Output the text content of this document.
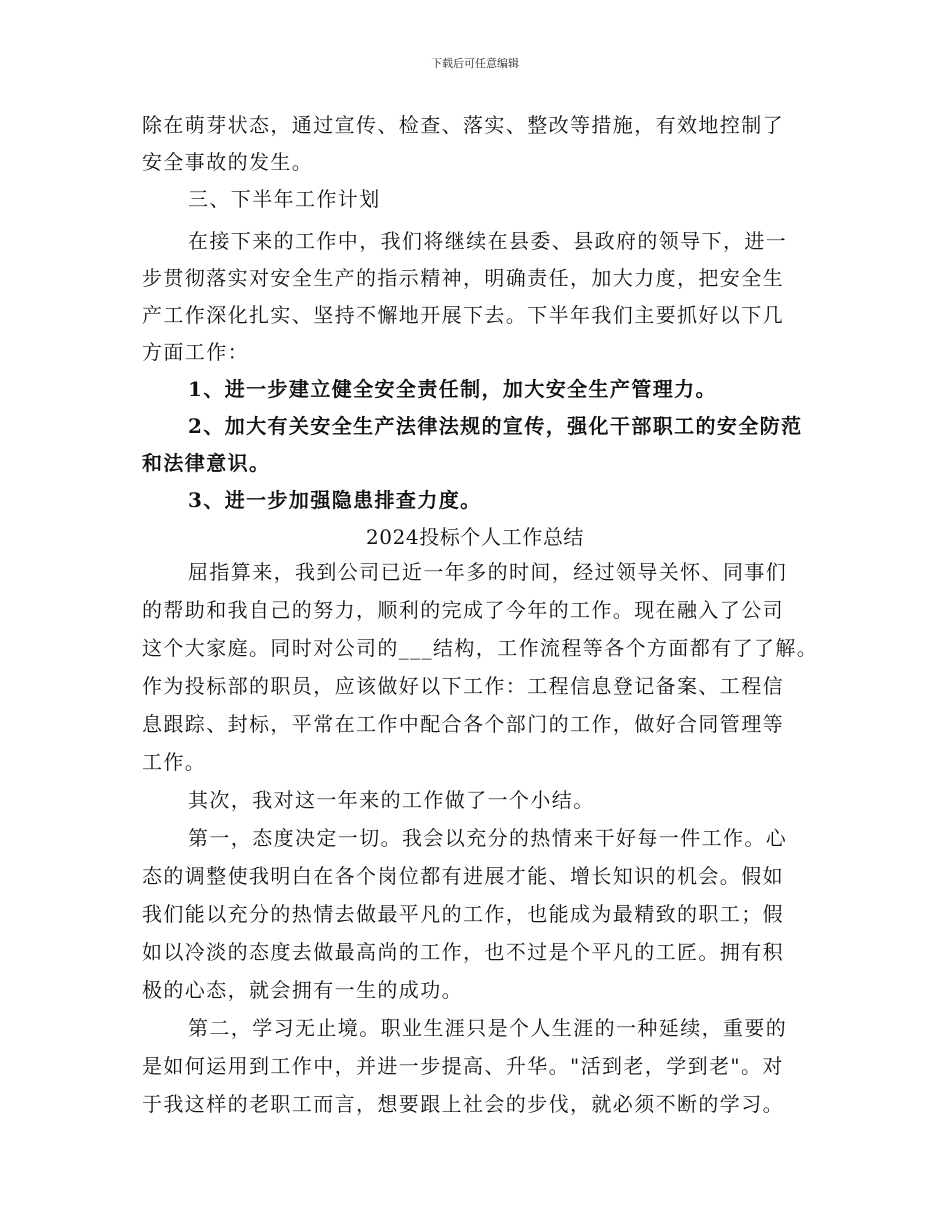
下载后可任意编辑
除在萌芽状态，通过宣传、检查、落实、整改等措施，有效地控制了
安全事故的发生。
三、下半年工作计划
在接下来的工作中，我们将继续在县委、县政府的领导下，进一
步贯彻落实对安全生产的指示精神，明确责任，加大力度，把安全生
产工作深化扎实、坚持不懈地开展下去。下半年我们主要抓好以下几
方面工作：
1、进一步建立健全安全责任制，加大安全生产管理力。
2、加大有关安全生产法律法规的宣传，强化干部职工的安全防范
和法律意识。
3、进一步加强隐患排查力度。
2024投标个人工作总结
屈指算来，我到公司已近一年多的时间，经过领导关怀、同事们
的帮助和我自己的努力，顺利的完成了今年的工作。现在融入了公司
这个大家庭。同时对公司的___结构，工作流程等各个方面都有了了解。
作为投标部的职员，应该做好以下工作：工程信息登记备案、工程信
息跟踪、封标，平常在工作中配合各个部门的工作，做好合同管理等
工作。
其次，我对这一年来的工作做了一个小结。
第一，态度决定一切。我会以充分的热情来干好每一件工作。心
态的调整使我明白在各个岗位都有进展才能、增长知识的机会。假如
我们能以充分的热情去做最平凡的工作，也能成为最精致的职工；假
如以冷淡的态度去做最高尚的工作，也不过是个平凡的工匠。拥有积
极的心态，就会拥有一生的成功。
第二，学习无止境。职业生涯只是个人生涯的一种延续，重要的
是如何运用到工作中，并进一步提高、升华。"活到老，学到老"。对
于我这样的老职工而言，想要跟上社会的步伐，就必须不断的学习。
